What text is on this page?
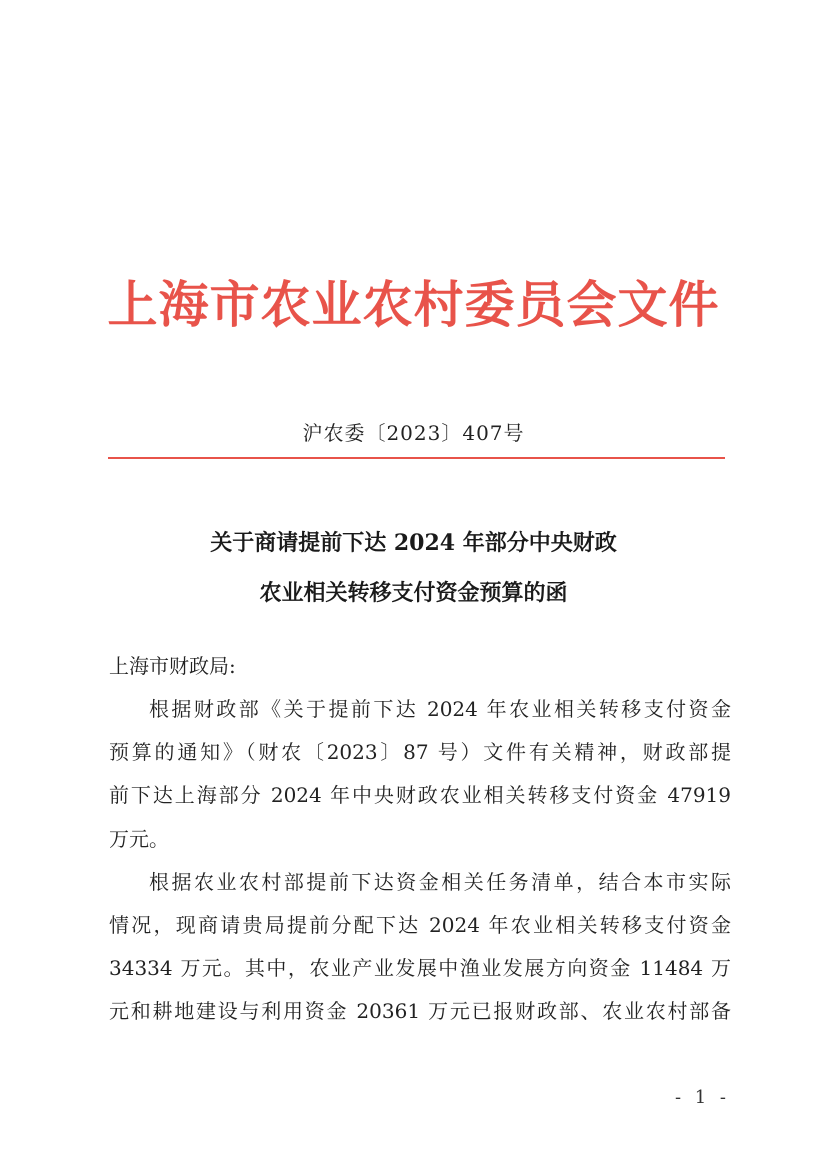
上海市农业农村委员会文件
沪农委〔2023〕407号
关于商请提前下达 2024 年部分中央财政
农业相关转移支付资金预算的函
上海市财政局:
根据财政部《关于提前下达 2024 年农业相关转移支付资金
预算的通知》（财农〔2023〕87 号）文件有关精神，财政部提
前下达上海部分 2024 年中央财政农业相关转移支付资金 47919
万元。
根据农业农村部提前下达资金相关任务清单，结合本市实际
情况，现商请贵局提前分配下达 2024 年农业相关转移支付资金
34334 万元。其中，农业产业发展中渔业发展方向资金 11484 万
元和耕地建设与利用资金 20361 万元已报财政部、农业农村部备
- 1 -
